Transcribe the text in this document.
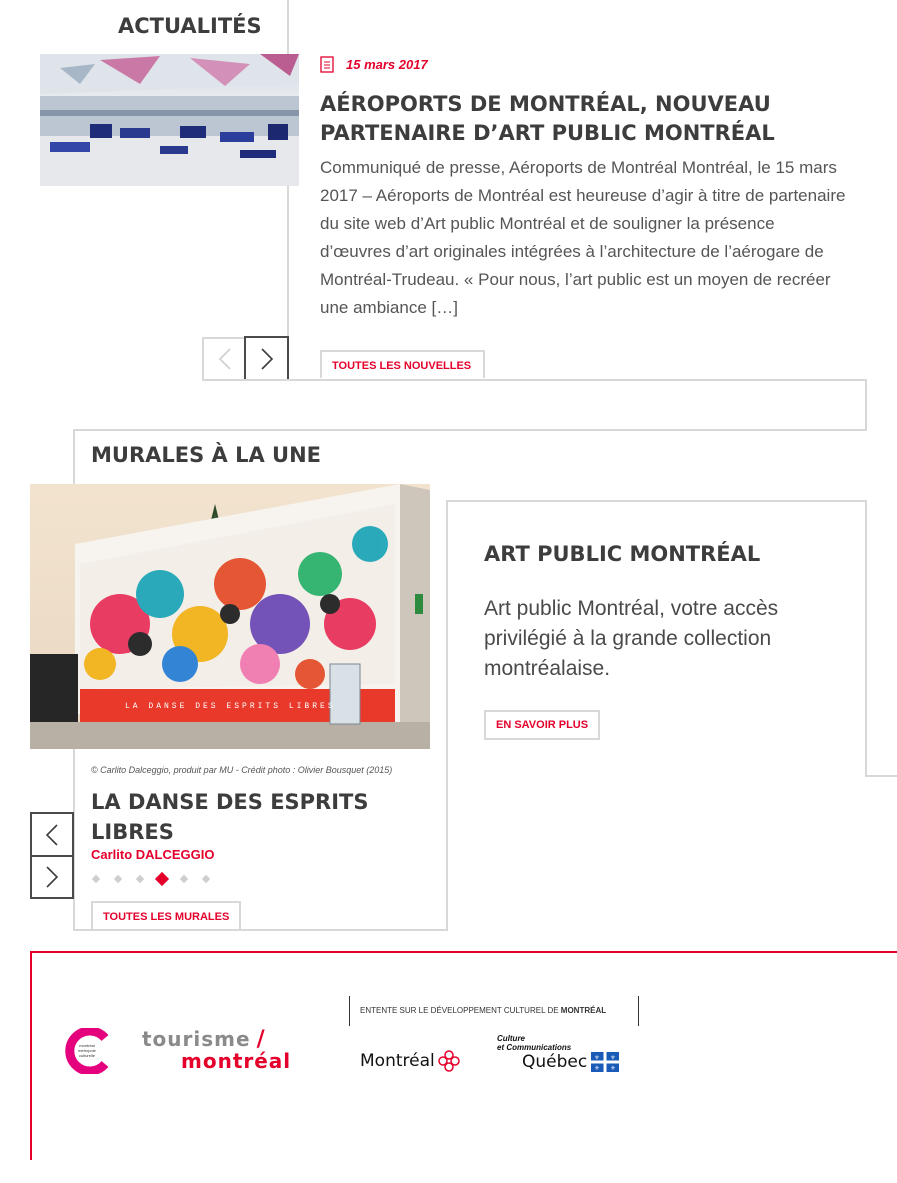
ACTUALITÉS
15 mars 2017
AÉROPORTS DE MONTRÉAL, NOUVEAU PARTENAIRE D’ART PUBLIC MONTRÉAL
Communiqué de presse, Aéroports de Montréal Montréal, le 15 mars 2017 – Aéroports de Montréal est heureuse d’agir à titre de partenaire du site web d’Art public Montréal et de souligner la présence d’œuvres d’art originales intégrées à l’architecture de l’aérogare de Montréal-Trudeau. « Pour nous, l’art public est un moyen de recréer une ambiance […]
TOUTES LES NOUVELLES
MURALES À LA UNE
LA DANSE DES ESPRITS LIBRES
© Carlito Dalceggio, produit par MU - Crédit photo : Olivier Bousquet (2015)
LA DANSE DES ESPRITS LIBRES
Carlito DALCEGGIO
TOUTES LES MURALES
ART PUBLIC MONTRÉAL
Art public Montréal, votre accès privilégié à la grande collection montréalaise.
EN SAVOIR PLUS
montréal métropole culturelle
tourisme /
montréal
ENTENTE SUR LE DÉVELOPPEMENT CULTUREL DE MONTRÉAL
Montréal
Culture
et Communications
Québec ⚜ ⚜
⚜ ⚜
